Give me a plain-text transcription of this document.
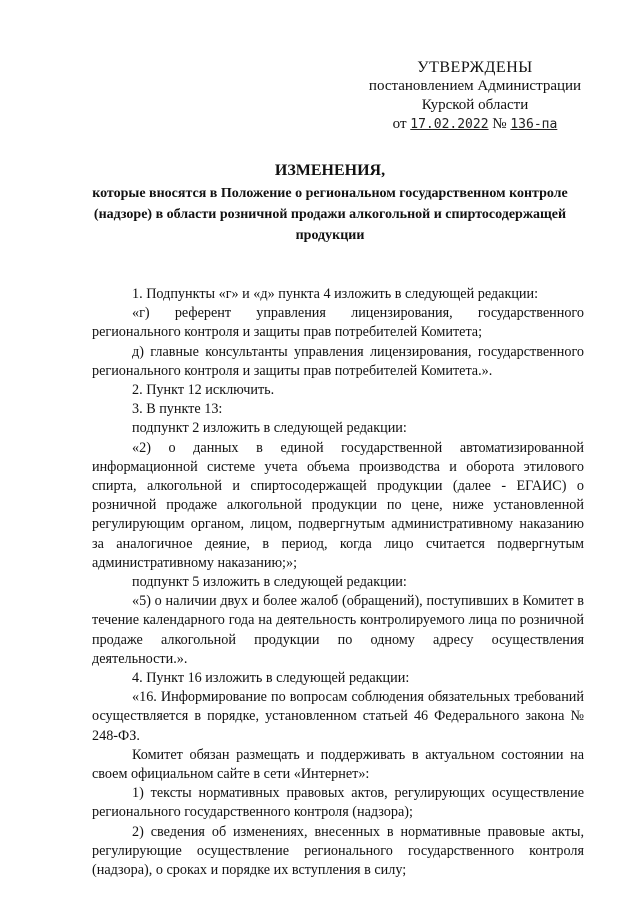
УТВЕРЖДЕНЫ
постановлением Администрации
Курской области
от 17.02.2022 № 136-па
ИЗМЕНЕНИЯ,
которые вносятся в Положение о региональном государственном контроле (надзоре) в области розничной продажи алкогольной и спиртосодержащей продукции

1. Подпункты «г» и «д» пункта 4 изложить в следующей редакции:

«г) референт управления лицензирования, государственного регионального контроля и защиты прав потребителей Комитета;

д) главные консультанты управления лицензирования, государственного регионального контроля и защиты прав потребителей Комитета.».

2. Пункт 12 исключить.

3. В пункте 13:

подпункт 2 изложить в следующей редакции:

«2) о данных в единой государственной автоматизированной информационной системе учета объема производства и оборота этилового спирта, алкогольной и спиртосодержащей продукции (далее - ЕГАИС) о розничной продаже алкогольной продукции по цене, ниже установленной регулирующим органом, лицом, подвергнутым административному наказанию за аналогичное деяние, в период, когда лицо считается подвергнутым административному наказанию;»;

подпункт 5 изложить в следующей редакции:

«5) о наличии двух и более жалоб (обращений), поступивших в Комитет в течение календарного года на деятельность контролируемого лица по розничной продаже алкогольной продукции по одному адресу осуществления деятельности.».

4. Пункт 16 изложить в следующей редакции:

«16. Информирование по вопросам соблюдения обязательных требований осуществляется в порядке, установленном статьей 46 Федерального закона № 248-ФЗ.

Комитет обязан размещать и поддерживать в актуальном состоянии на своем официальном сайте в сети «Интернет»:

1) тексты нормативных правовых актов, регулирующих осуществление регионального государственного контроля (надзора);

2) сведения об изменениях, внесенных в нормативные правовые акты, регулирующие осуществление регионального государственного контроля (надзора), о сроках и порядке их вступления в силу;
